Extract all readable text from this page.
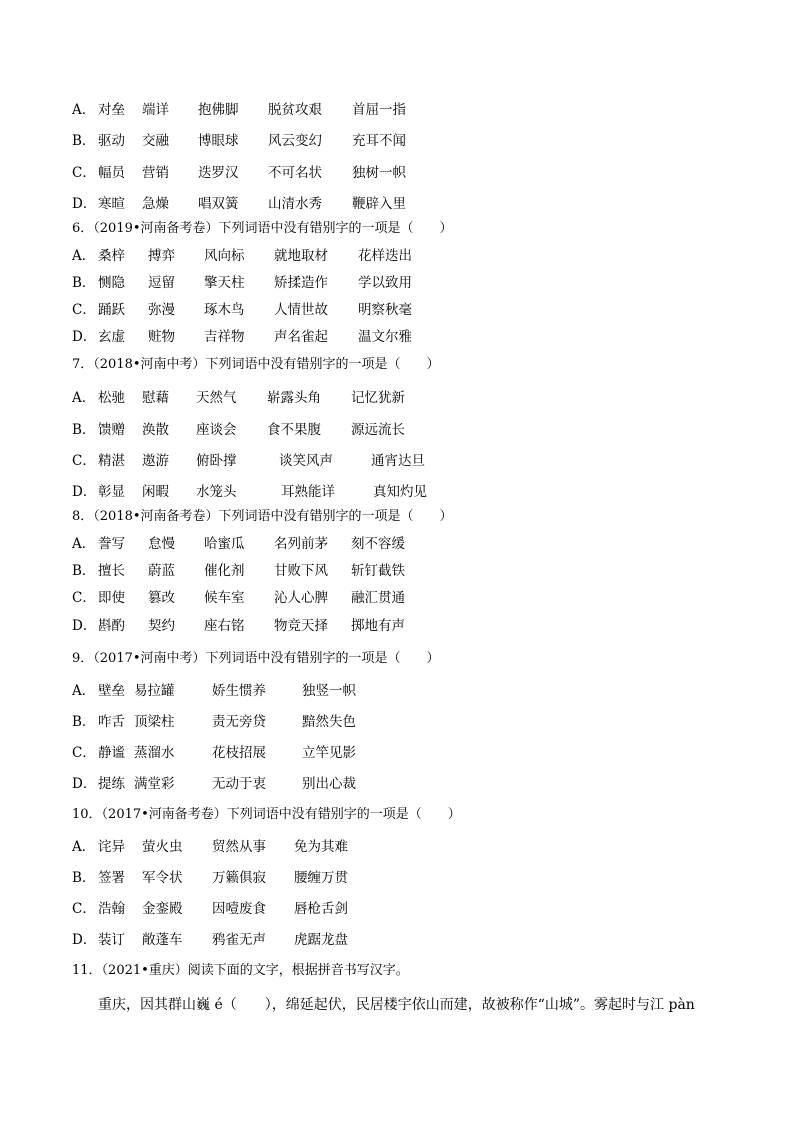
A． 对垒 端详 抱佛脚 脱贫攻艰 首屈一指
B． 驱动 交融 博眼球 风云变幻 充耳不闻
C． 幅员 营销 迭罗汉 不可名状 独树一帜
D． 寒暄 急燥 唱双簧 山清水秀 鞭辟入里
6．（2019•河南备考卷）下列词语中没有错别字的一项是（　　）
A． 桑梓 搏弈 风向标 就地取材 花样迭出
B． 恻隐 逗留 擎天柱 矫揉造作 学以致用
C． 踊跃 弥漫 琢木鸟 人情世故 明察秋毫
D． 玄虚 赃物 吉祥物 声名雀起 温文尔雅
7．（2018•河南中考）下列词语中没有错别字的一项是（　　）
A． 松驰 慰藉 天然气 崭露头角 记忆犹新
B． 馈赠 涣散 座谈会 食不果腹 源远流长
C． 精湛 遨游 俯卧撑	谈笑风声	通宵达旦
D． 彰显 闲暇 水笼头	耳熟能详	真知灼见
8．（2018•河南备考卷）下列词语中没有错别字的一项是（　　）
A． 誊写 怠慢 哈蜜瓜 名列前茅 刻不容缓
B． 擅长 蔚蓝 催化剂 甘败下风 斩钉截铁
C． 即使 篡改 候车室 沁人心脾 融汇贯通
D． 斟酌 契约 座右铭 物竞天择 掷地有声
9．（2017•河南中考）下列词语中没有错别字的一项是（　　）
A． 壁垒 易拉罐	娇生惯养	独竖一帜
B． 咋舌 顶梁柱	责无旁贷	黯然失色
C． 静谧 蒸溜水	花枝招展	立竿见影
D． 提练 满堂彩	无动于衷	别出心裁
10．（2017•河南备考卷）下列词语中没有错别字的一项是（　　）
A． 诧异 萤火虫 贸然从事 免为其难
B． 签署 军令状 万籁俱寂 腰缠万贯
C． 浩翰 金銮殿 因噎废食 唇枪舌剑
D． 装订 敞蓬车 鸦雀无声 虎踞龙盘
11．（2021•重庆）阅读下面的文字，根据拼音书写汉字。
重庆，因其群山巍 é（　　），绵延起伏，民居楼宇依山而建，故被称作“山城”。雾起时与江 pàn
